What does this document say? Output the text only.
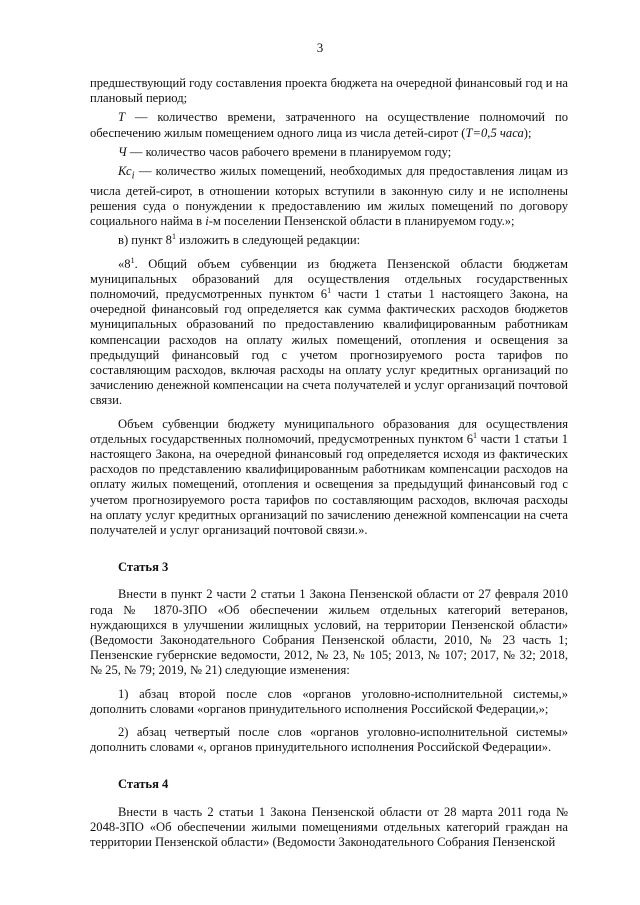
3

предшествующий году составления проекта бюджета на очередной финансовый год и на плановый период;

T — количество времени, затраченного на осуществление полномочий по обеспечению жилым помещением одного лица из числа детей-сирот (T=0,5 часа);

Ч — количество часов рабочего времени в планируемом году;

$Кс_i$ — количество жилых помещений, необходимых для предоставления лицам из числа детей-сирот, в отношении которых вступили в законную силу и не исполнены решения суда о понуждении к предоставлению им жилых помещений по договору социального найма в i-м поселении Пензенской области в планируемом году.»;

в) пункт $8^1$ изложить в следующей редакции:

«$8^1$. Общий объем субвенции из бюджета Пензенской области бюджетам муниципальных образований для осуществления отдельных государственных полномочий, предусмотренных пунктом $6^1$ части 1 статьи 1 настоящего Закона, на очередной финансовый год определяется как сумма фактических расходов бюджетов муниципальных образований по предоставлению квалифицированным работникам компенсации расходов на оплату жилых помещений, отопления и освещения за предыдущий финансовый год с учетом прогнозируемого роста тарифов по составляющим расходов, включая расходы на оплату услуг кредитных организаций по зачислению денежной компенсации на счета получателей и услуг организаций почтовой связи.

Объем субвенции бюджету муниципального образования для осуществления отдельных государственных полномочий, предусмотренных пунктом $6^1$ части 1 статьи 1 настоящего Закона, на очередной финансовый год определяется исходя из фактических расходов по представлению квалифицированным работникам компенсации расходов на оплату жилых помещений, отопления и освещения за предыдущий финансовый год с учетом прогнозируемого роста тарифов по составляющим расходов, включая расходы на оплату услуг кредитных организаций по зачислению денежной компенсации на счета получателей и услуг организаций почтовой связи.».

Статья 3

Внести в пункт 2 части 2 статьи 1 Закона Пензенской области от 27 февраля 2010 года № 1870-ЗПО «Об обеспечении жильем отдельных категорий ветеранов, нуждающихся в улучшении жилищных условий, на территории Пензенской области» (Ведомости Законодательного Собрания Пензенской области, 2010, № 23 часть 1; Пензенские губернские ведомости, 2012, № 23, № 105; 2013, № 107; 2017, № 32; 2018, № 25, № 79; 2019, № 21) следующие изменения:

1) абзац второй после слов «органов уголовно-исполнительной системы,» дополнить словами «органов принудительного исполнения Российской Федерации,»;

2) абзац четвертый после слов «органов уголовно-исполнительной системы» дополнить словами «, органов принудительного исполнения Российской Федерации».

Статья 4

Внести в часть 2 статьи 1 Закона Пензенской области от 28 марта 2011 года № 2048-ЗПО «Об обеспечении жилыми помещениями отдельных категорий граждан на территории Пензенской области» (Ведомости Законодательного Собрания Пензенской
